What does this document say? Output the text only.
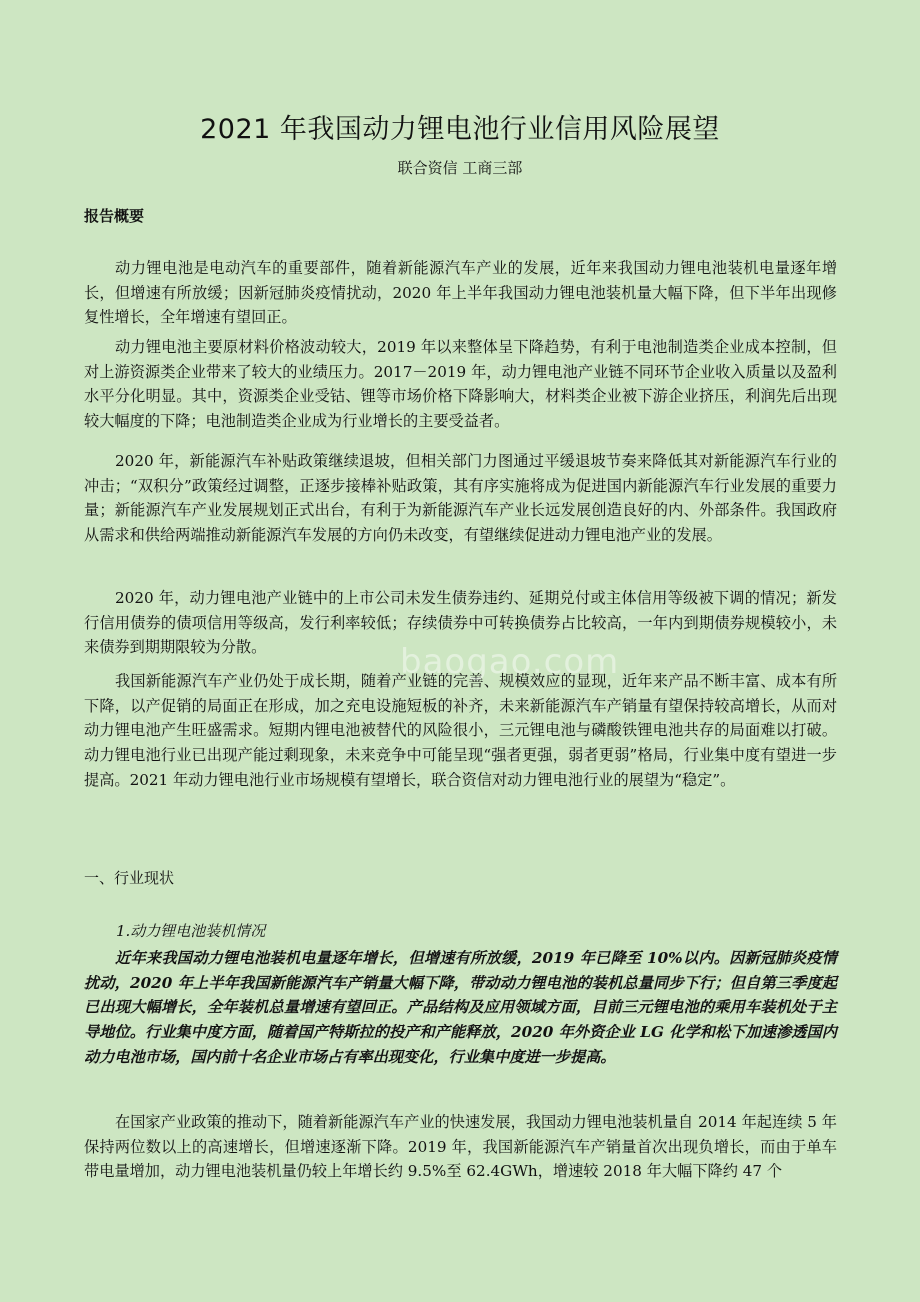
2021 年我国动力锂电池行业信用风险展望
联合资信 工商三部
报告概要

动力锂电池是电动汽车的重要部件，随着新能源汽车产业的发展，近年来我国动力锂电池装机电量逐年增长，但增速有所放缓；因新冠肺炎疫情扰动，2020 年上半年我国动力锂电池装机量大幅下降，但下半年出现修复性增长，全年增速有望回正。

动力锂电池主要原材料价格波动较大，2019 年以来整体呈下降趋势，有利于电池制造类企业成本控制，但对上游资源类企业带来了较大的业绩压力。2017－2019 年，动力锂电池产业链不同环节企业收入质量以及盈利水平分化明显。其中，资源类企业受钴、锂等市场价格下降影响大，材料类企业被下游企业挤压，利润先后出现较大幅度的下降；电池制造类企业成为行业增长的主要受益者。

2020 年，新能源汽车补贴政策继续退坡，但相关部门力图通过平缓退坡节奏来降低其对新能源汽车行业的冲击；“双积分”政策经过调整，正逐步接棒补贴政策，其有序实施将成为促进国内新能源汽车行业发展的重要力量；新能源汽车产业发展规划正式出台，有利于为新能源汽车产业长远发展创造良好的内、外部条件。我国政府从需求和供给两端推动新能源汽车发展的方向仍未改变，有望继续促进动力锂电池产业的发展。

2020 年，动力锂电池产业链中的上市公司未发生债券违约、延期兑付或主体信用等级被下调的情况；新发行信用债券的债项信用等级高，发行利率较低；存续债券中可转换债券占比较高，一年内到期债券规模较小，未来债券到期期限较为分散。

我国新能源汽车产业仍处于成长期，随着产业链的完善、规模效应的显现，近年来产品不断丰富、成本有所下降，以产促销的局面正在形成，加之充电设施短板的补齐，未来新能源汽车产销量有望保持较高增长，从而对动力锂电池产生旺盛需求。短期内锂电池被替代的风险很小，三元锂电池与磷酸铁锂电池共存的局面难以打破。动力锂电池行业已出现产能过剩现象，未来竞争中可能呈现“强者更强，弱者更弱”格局，行业集中度有望进一步提高。2021 年动力锂电池行业市场规模有望增长，联合资信对动力锂电池行业的展望为“稳定”。

一、行业现状
1.动力锂电池装机情况

近年来我国动力锂电池装机电量逐年增长，但增速有所放缓，2019 年已降至 10%以内。因新冠肺炎疫情扰动，2020 年上半年我国新能源汽车产销量大幅下降，带动动力锂电池的装机总量同步下行；但自第三季度起已出现大幅增长，全年装机总量增速有望回正。产品结构及应用领域方面，目前三元锂电池的乘用车装机处于主导地位。行业集中度方面，随着国产特斯拉的投产和产能释放，2020 年外资企业 LG 化学和松下加速渗透国内动力电池市场，国内前十名企业市场占有率出现变化，行业集中度进一步提高。

在国家产业政策的推动下，随着新能源汽车产业的快速发展，我国动力锂电池装机量自 2014 年起连续 5 年保持两位数以上的高速增长，但增速逐渐下降。2019 年，我国新能源汽车产销量首次出现负增长，而由于单车带电量增加，动力锂电池装机量仍较上年增长约 9.5%至 62.4GWh，增速较 2018 年大幅下降约 47 个

baogao.com
